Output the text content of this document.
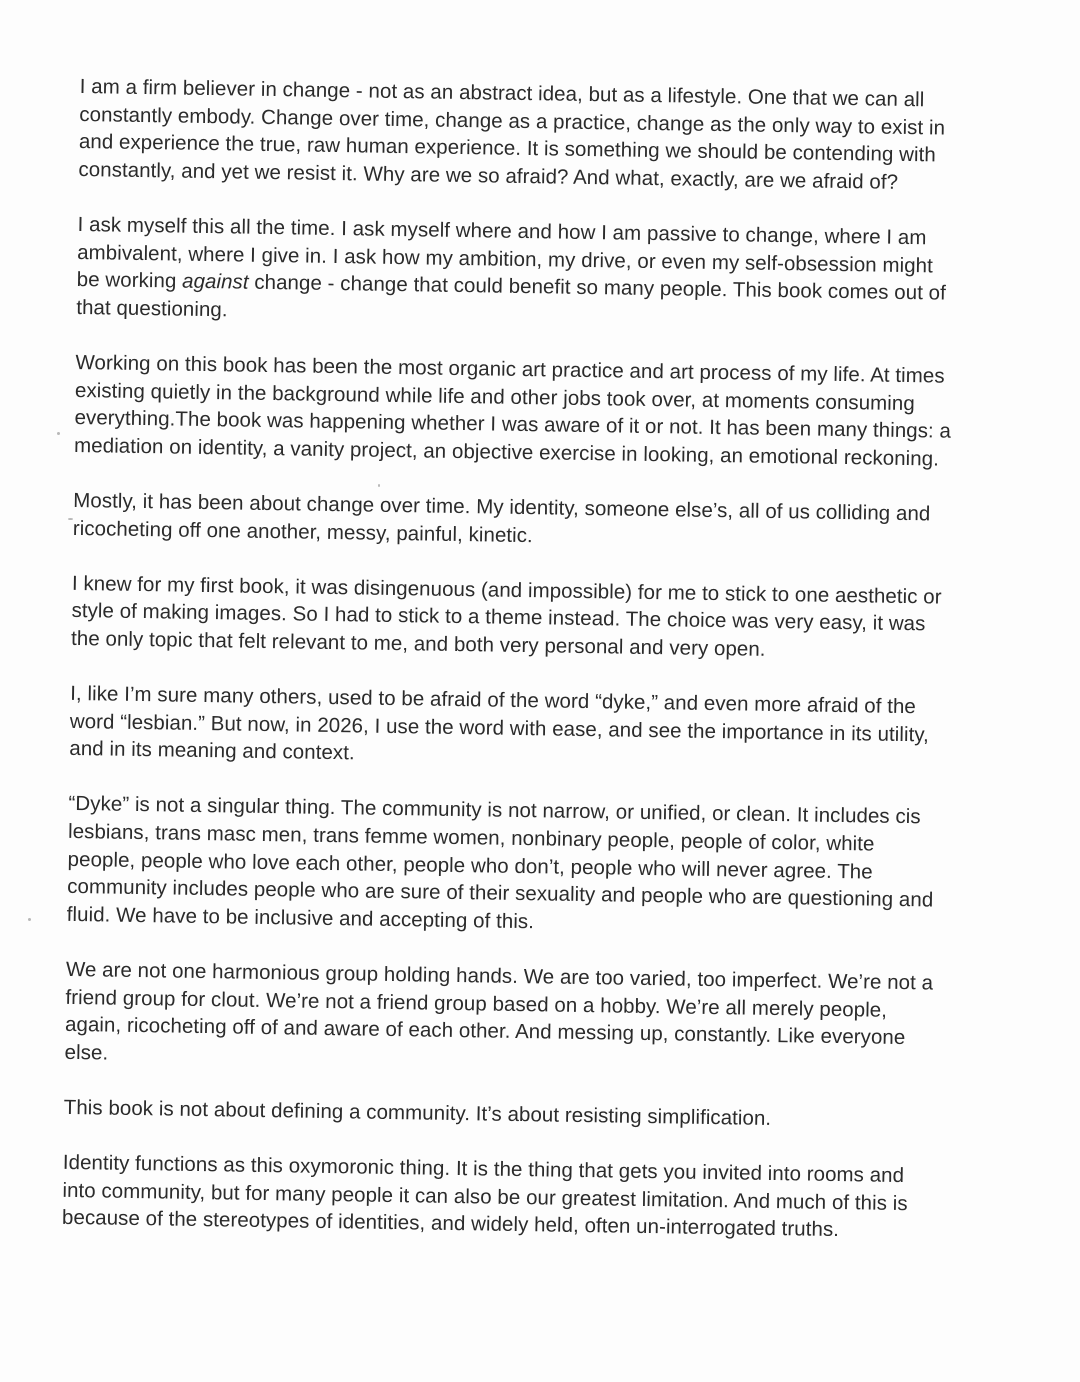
I am a firm believer in change - not as an abstract idea, but as a lifestyle. One that we can all
constantly embody. Change over time, change as a practice, change as the only way to exist in
and experience the true, raw human experience. It is something we should be contending with
constantly, and yet we resist it. Why are we so afraid? And what, exactly, are we afraid of?

I ask myself this all the time. I ask myself where and how I am passive to change, where I am
ambivalent, where I give in. I ask how my ambition, my drive, or even my self-obsession might
be working against change - change that could benefit so many people. This book comes out of
that questioning.

Working on this book has been the most organic art practice and art process of my life. At times
existing quietly in the background while life and other jobs took over, at moments consuming
everything.The book was happening whether I was aware of it or not. It has been many things: a
mediation on identity, a vanity project, an objective exercise in looking, an emotional reckoning.

Mostly, it has been about change over time. My identity, someone else’s, all of us colliding and
ricocheting off one another, messy, painful, kinetic.

I knew for my first book, it was disingenuous (and impossible) for me to stick to one aesthetic or
style of making images. So I had to stick to a theme instead. The choice was very easy, it was
the only topic that felt relevant to me, and both very personal and very open.

I, like I’m sure many others, used to be afraid of the word “dyke,” and even more afraid of the
word “lesbian.” But now, in 2026, I use the word with ease, and see the importance in its utility,
and in its meaning and context.

“Dyke” is not a singular thing. The community is not narrow, or unified, or clean. It includes cis
lesbians, trans masc men, trans femme women, nonbinary people, people of color, white
people, people who love each other, people who don’t, people who will never agree. The
community includes people who are sure of their sexuality and people who are questioning and
fluid. We have to be inclusive and accepting of this.

We are not one harmonious group holding hands. We are too varied, too imperfect. We’re not a
friend group for clout. We’re not a friend group based on a hobby. We’re all merely people,
again, ricocheting off of and aware of each other. And messing up, constantly. Like everyone
else.

This book is not about defining a community. It’s about resisting simplification.

Identity functions as this oxymoronic thing. It is the thing that gets you invited into rooms and
into community, but for many people it can also be our greatest limitation. And much of this is
because of the stereotypes of identities, and widely held, often un-interrogated truths.
